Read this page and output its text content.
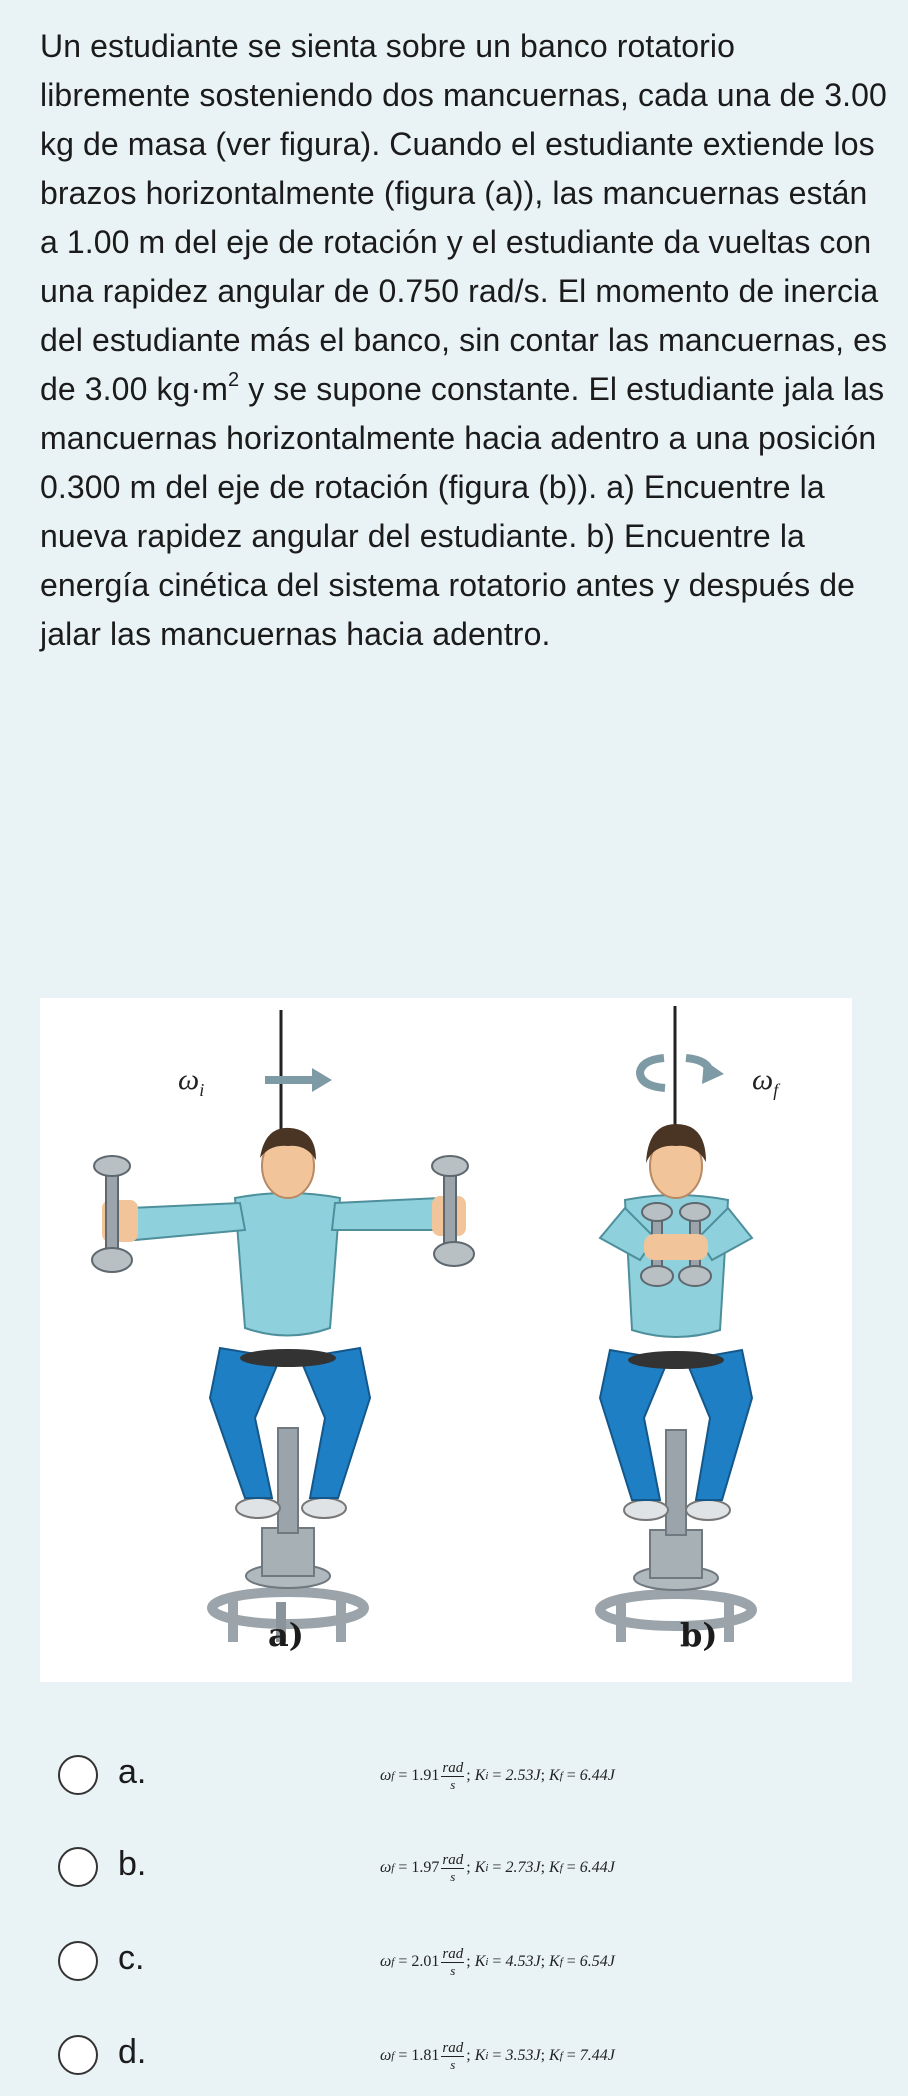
Un estudiante se sienta sobre un banco rotatorio libremente sosteniendo dos mancuernas, cada una de 3.00 kg de masa (ver figura). Cuando el estudiante extiende los brazos horizontalmente (figura (a)), las mancuernas están a 1.00 m del eje de rotación y el estudiante da vueltas con una rapidez angular de 0.750 rad/s. El momento de inercia del estudiante más el banco, sin contar las mancuernas, es de 3.00 $kg\cdot m^2$ y se supone constante. El estudiante jala las mancuernas horizontalmente hacia adentro a una posición 0.300 m del eje de rotación (figura (b)). a) Encuentre la nueva rapidez angular del estudiante. b) Encuentre la energía cinética del sistema rotatorio antes y después de jalar las mancuernas hacia adentro.
$\omega_i$	$\omega_f$
a)	b)
a.	ω f
=
$1.91 \frac{\text{rad}}{s}$ ; K i
=
2.53J ; K f
=
6.44J
b.	ω f
=
$1.97 \frac{\text{rad}}{s}$ ; K i
=
2.73J ; K f
=
6.44J
c.	ω f
=
$2.01 \frac{\text{rad}}{s}$ ; K i
=
4.53J ; K f
=
6.54J
d.	ω f
=
$1.81 \frac{\text{rad}}{s}$ ; K i
=
3.53J ; K f
=
7.44J
